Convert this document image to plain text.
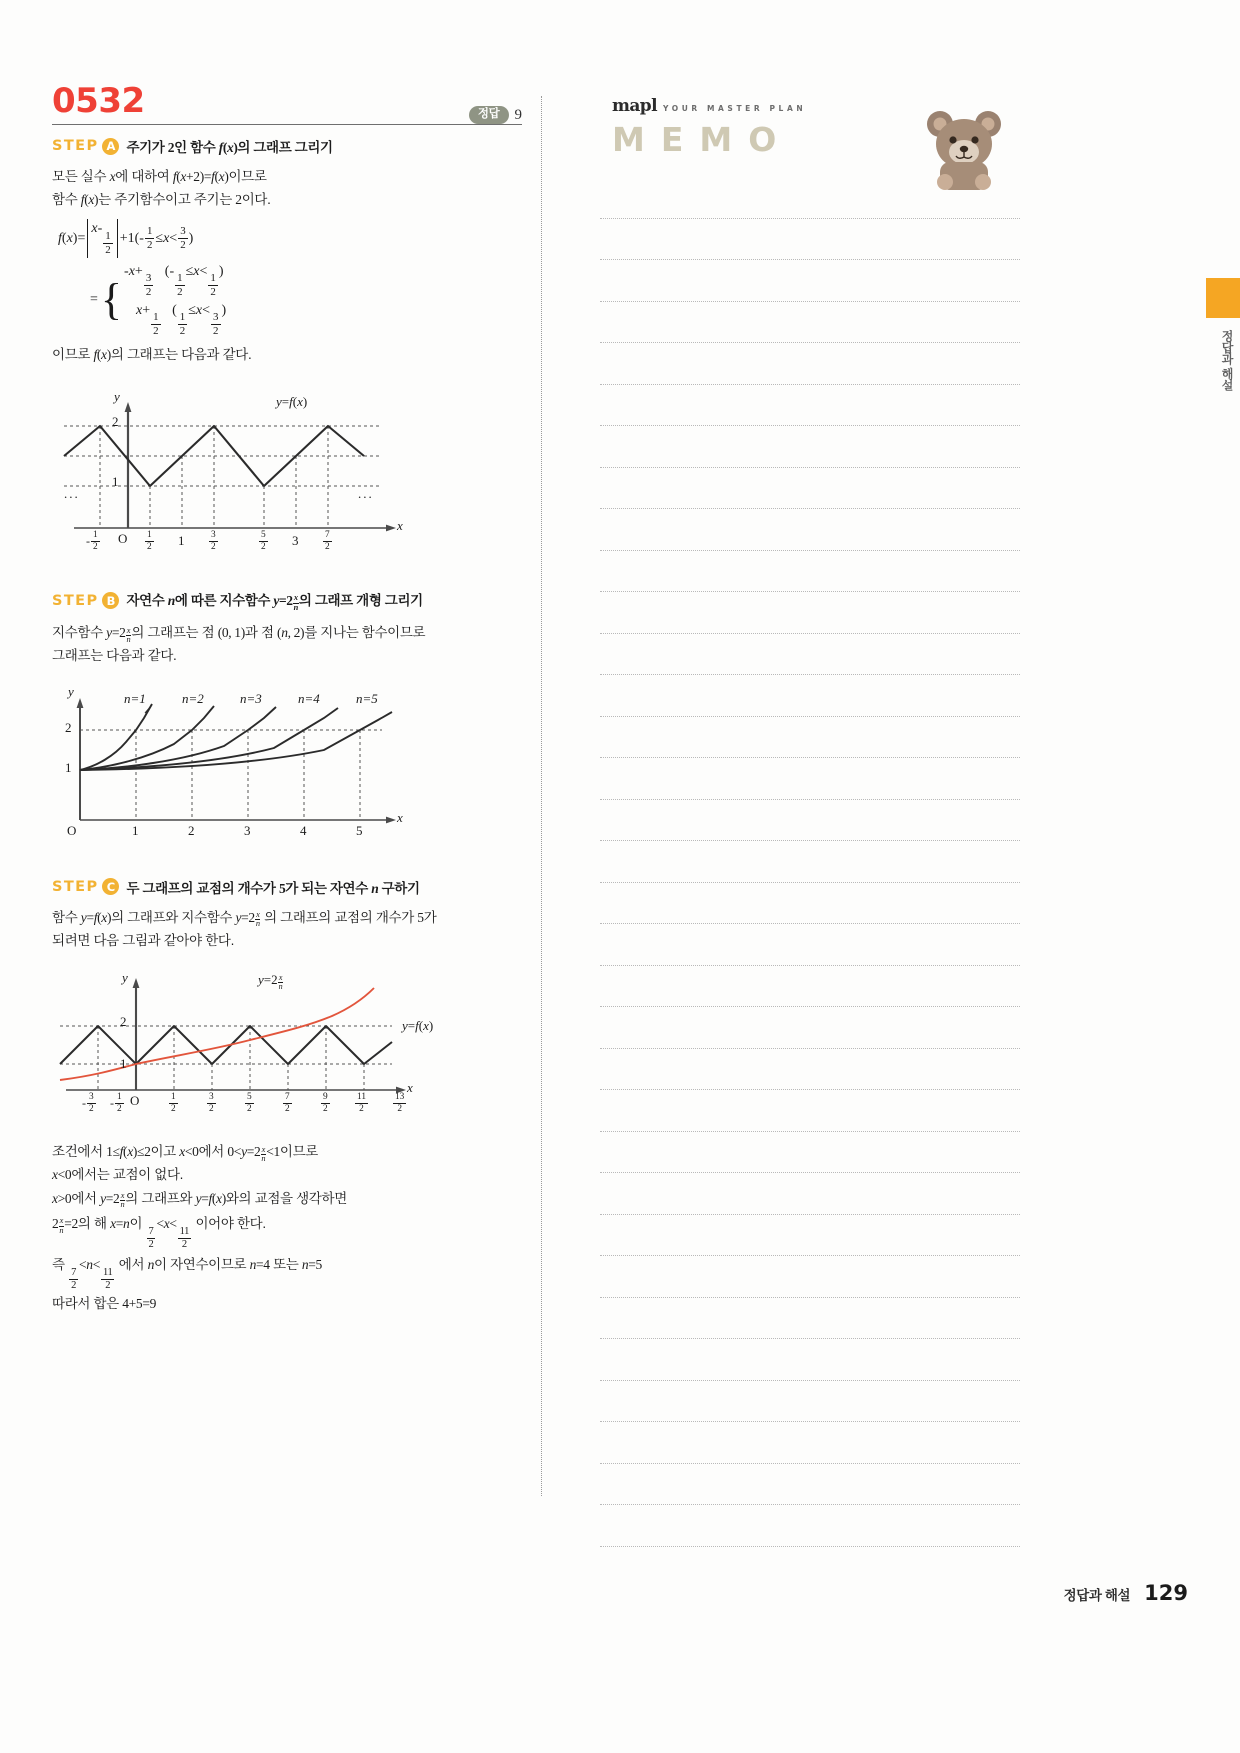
0532	정답	9
STEP A 주기가 2인 함수 f(x)의 그래프 그리기

모든 실수 x에 대하여 f(x+2)=f(x)이므로

함수 f(x)는 주기함수이고 주기는 2이다.

f ( x )=
x-
$\frac{1}{2} +1$ ( - $\frac{1}{2} \le x < \frac{3}{2}$ )
= {
-x+
$\frac{3}{2}$
(-
$\frac{1}{2}$
≤x<
$\frac{1}{2}$
)
x+
$\frac{1}{2}$
(
$\frac{1}{2}$
≤x<
$\frac{3}{2}$
)

이므로 f(x)의 그래프는 다음과 같다.

y
x
y=f(x)
2
1
...	...
- $\frac{1}{2}$ O $\frac{1}{2} 1$	$\frac{3}{2}$	$\frac{5}{2} 3$	$\frac{7}{2}$
STEP B 자연수 n에 따른 지수함수 $y=2 \frac{x}{n}$ 의 그래프 개형 그리기

지수함수 $y=2 \frac{x}{n}$ 의 그래프는 점 (0, 1)과 점 (n, 2)를 지나는 함수이므로

그래프는 다음과 같다.

y
x
2
1
O	1	2	3	4	5
n=1	n=2	n=3	n=4	n=5
STEP C 두 그래프의 교점의 개수가 5가 되는 자연수 n 구하기

함수 y=f(x)의 그래프와 지수함수 $y=2 \frac{x}{n}$ 의 그래프의 교점의 개수가 5가

되려면 다음 그림과 같아야 한다.

y
x
2
1
$y=2 \frac{x}{n}$
y=f(x)
- $\frac{3}{2} - \frac{1}{2}$ O	$\frac{1}{2}$	$\frac{3}{2}$	$\frac{5}{2}$	$\frac{7}{2}$	$\frac{9}{2}$	$\frac{11}{2}$	$\frac{13}{2}$

조건에서 1≤f(x)≤2이고 x<0에서 $0<y=2 \frac{x}{n} <1$이므로

x<0에서는 교점이 없다.

x>0에서 $y=2 \frac{x}{n}$ 의 그래프와 y=f(x)와의 교점을 생각하면

$2 \frac{x}{n} =2$의 해 x=n이
$\frac{7}{2}$
<x<
$\frac{11}{2}$
이어야 한다.

즉
$\frac{7}{2}$
<n<
$\frac{11}{2}$
에서 n이 자연수이므로 n=4 또는 n=5

따라서 합은 4+5=9

mapl YOUR MASTER PLAN
MEMO
정답과 해설
정답과 해설 129
